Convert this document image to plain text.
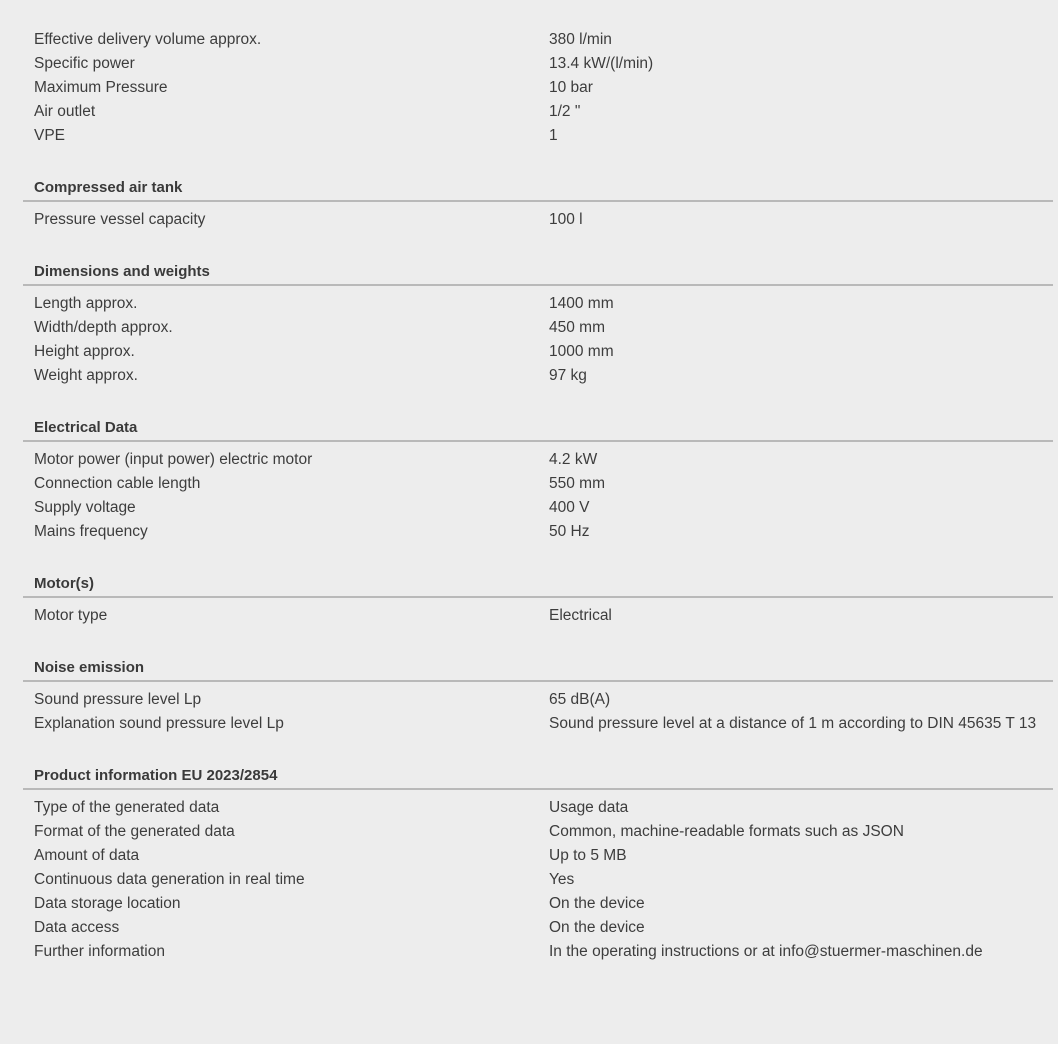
Effective delivery volume approx.	380 l/min
Specific power	13.4 kW/(l/min)
Maximum Pressure	10 bar
Air outlet	1/2 "
VPE	1
Compressed air tank
Pressure vessel capacity	100 l
Dimensions and weights
Length approx.	1400 mm
Width/depth approx.	450 mm
Height approx.	1000 mm
Weight approx.	97 kg
Electrical Data
Motor power (input power) electric motor	4.2 kW
Connection cable length	550 mm
Supply voltage	400 V
Mains frequency	50 Hz
Motor(s)
Motor type	Electrical
Noise emission
Sound pressure level Lp	65 dB(A)
Explanation sound pressure level Lp	Sound pressure level at a distance of 1 m according to DIN 45635 T 13
Product information EU 2023/2854
Type of the generated data	Usage data
Format of the generated data	Common, machine-readable formats such as JSON
Amount of data	Up to 5 MB
Continuous data generation in real time	Yes
Data storage location	On the device
Data access	On the device
Further information	In the operating instructions or at info@stuermer-maschinen.de
